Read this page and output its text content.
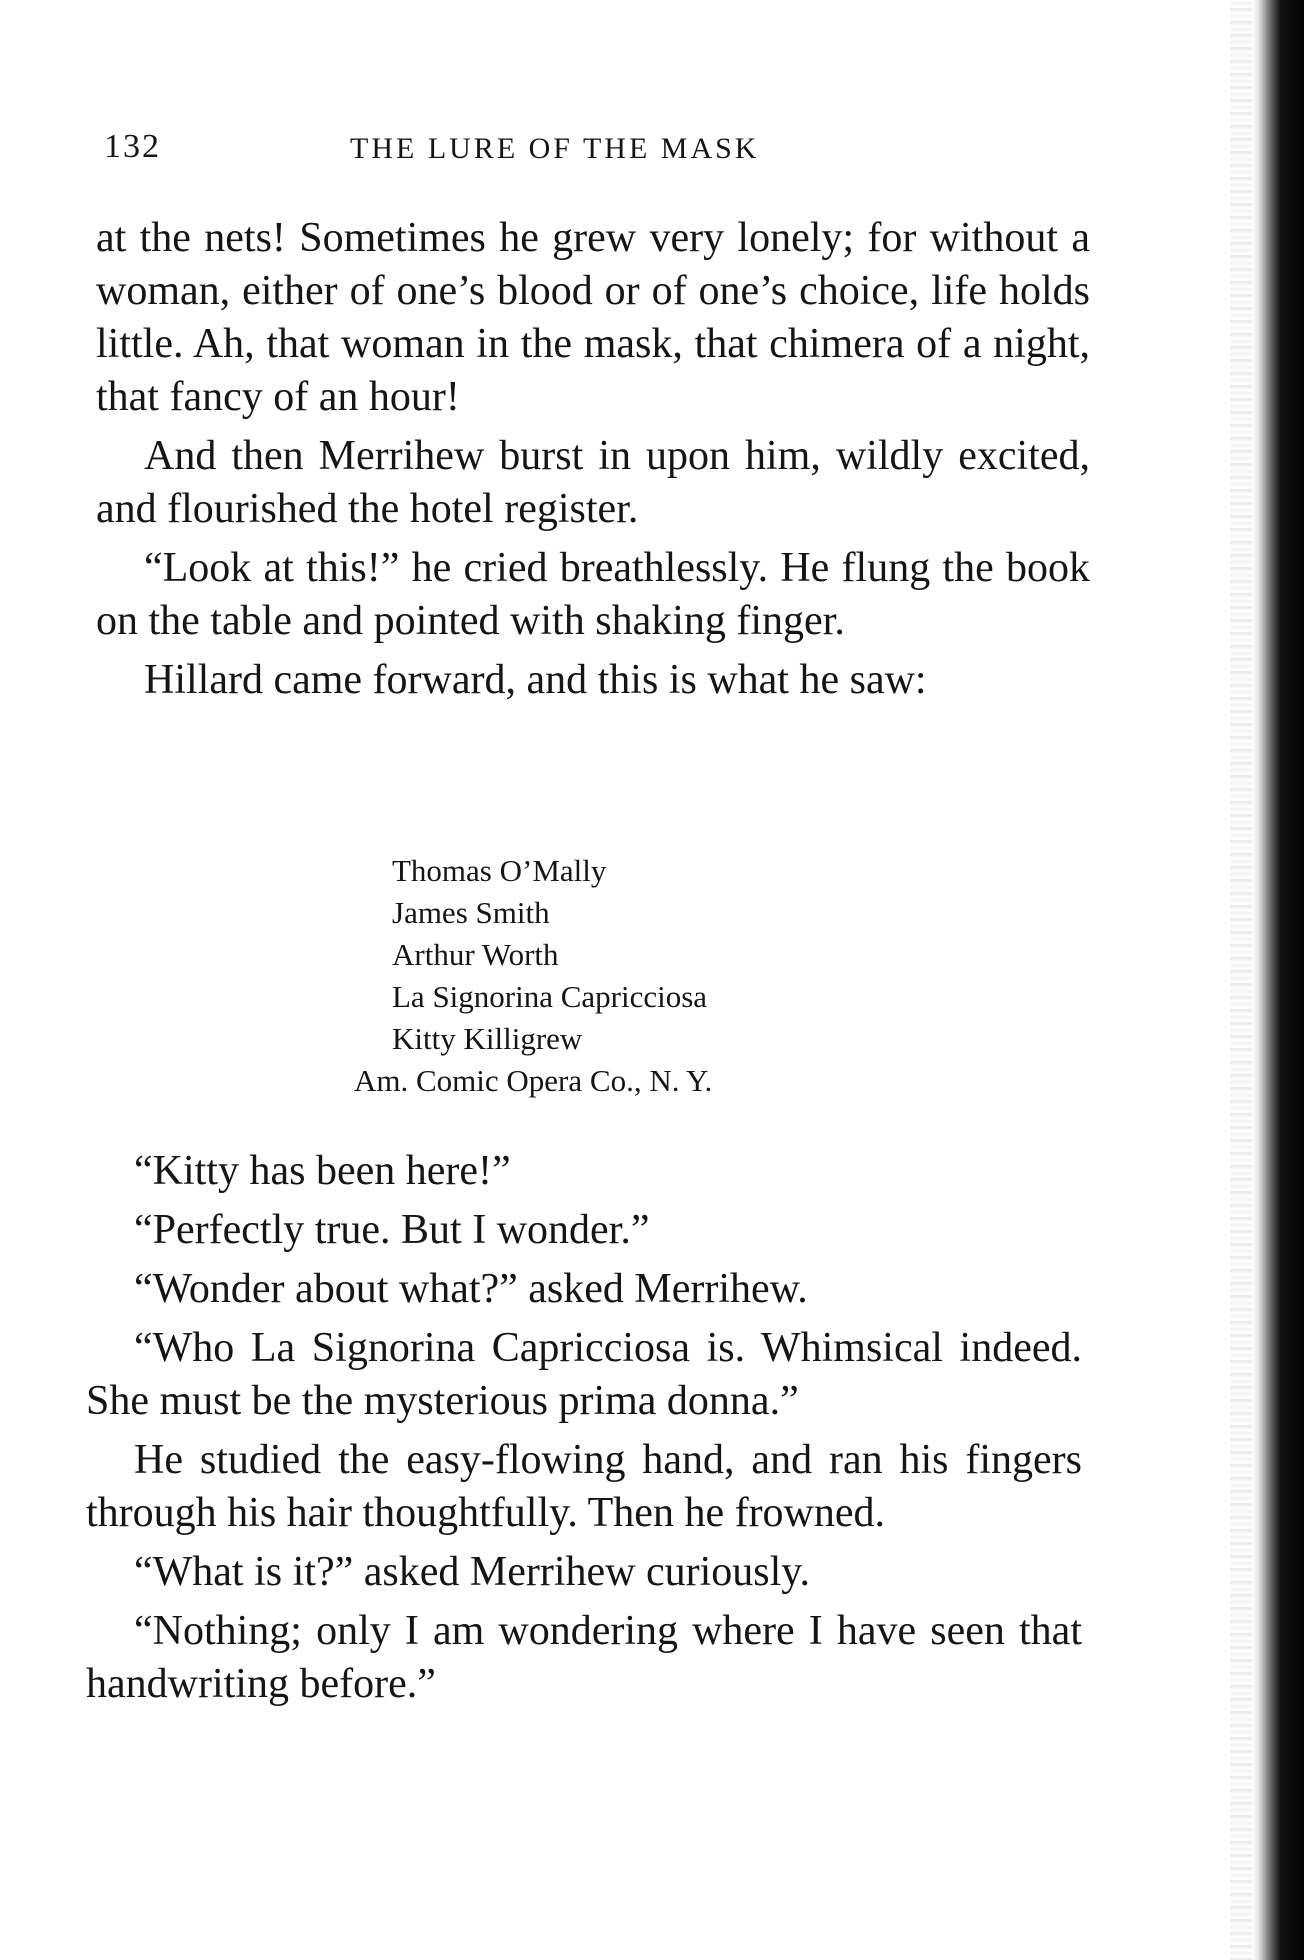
132	THE LURE OF THE MASK

at the nets! Sometimes he grew very lonely; for without a woman, either of one’s blood or of one’s choice, life holds little. Ah, that woman in the mask, that chimera of a night, that fancy of an hour!

And then Merrihew burst in upon him, wildly excited, and flourished the hotel register.

“Look at this!” he cried breathlessly. He flung the book on the table and pointed with shaking finger.

Hillard came forward, and this is what he saw:

Thomas O’Mally
James Smith
Arthur Worth
La Signorina Capricciosa
Kitty Killigrew
Am. Comic Opera Co., N. Y.

“Kitty has been here!”

“Perfectly true. But I wonder.”

“Wonder about what?” asked Merrihew.

“Who La Signorina Capricciosa is. Whimsical indeed. She must be the mysterious prima donna.”

He studied the easy-flowing hand, and ran his fingers through his hair thoughtfully. Then he frowned.

“What is it?” asked Merrihew curiously.

“Nothing; only I am wondering where I have seen that handwriting before.”
